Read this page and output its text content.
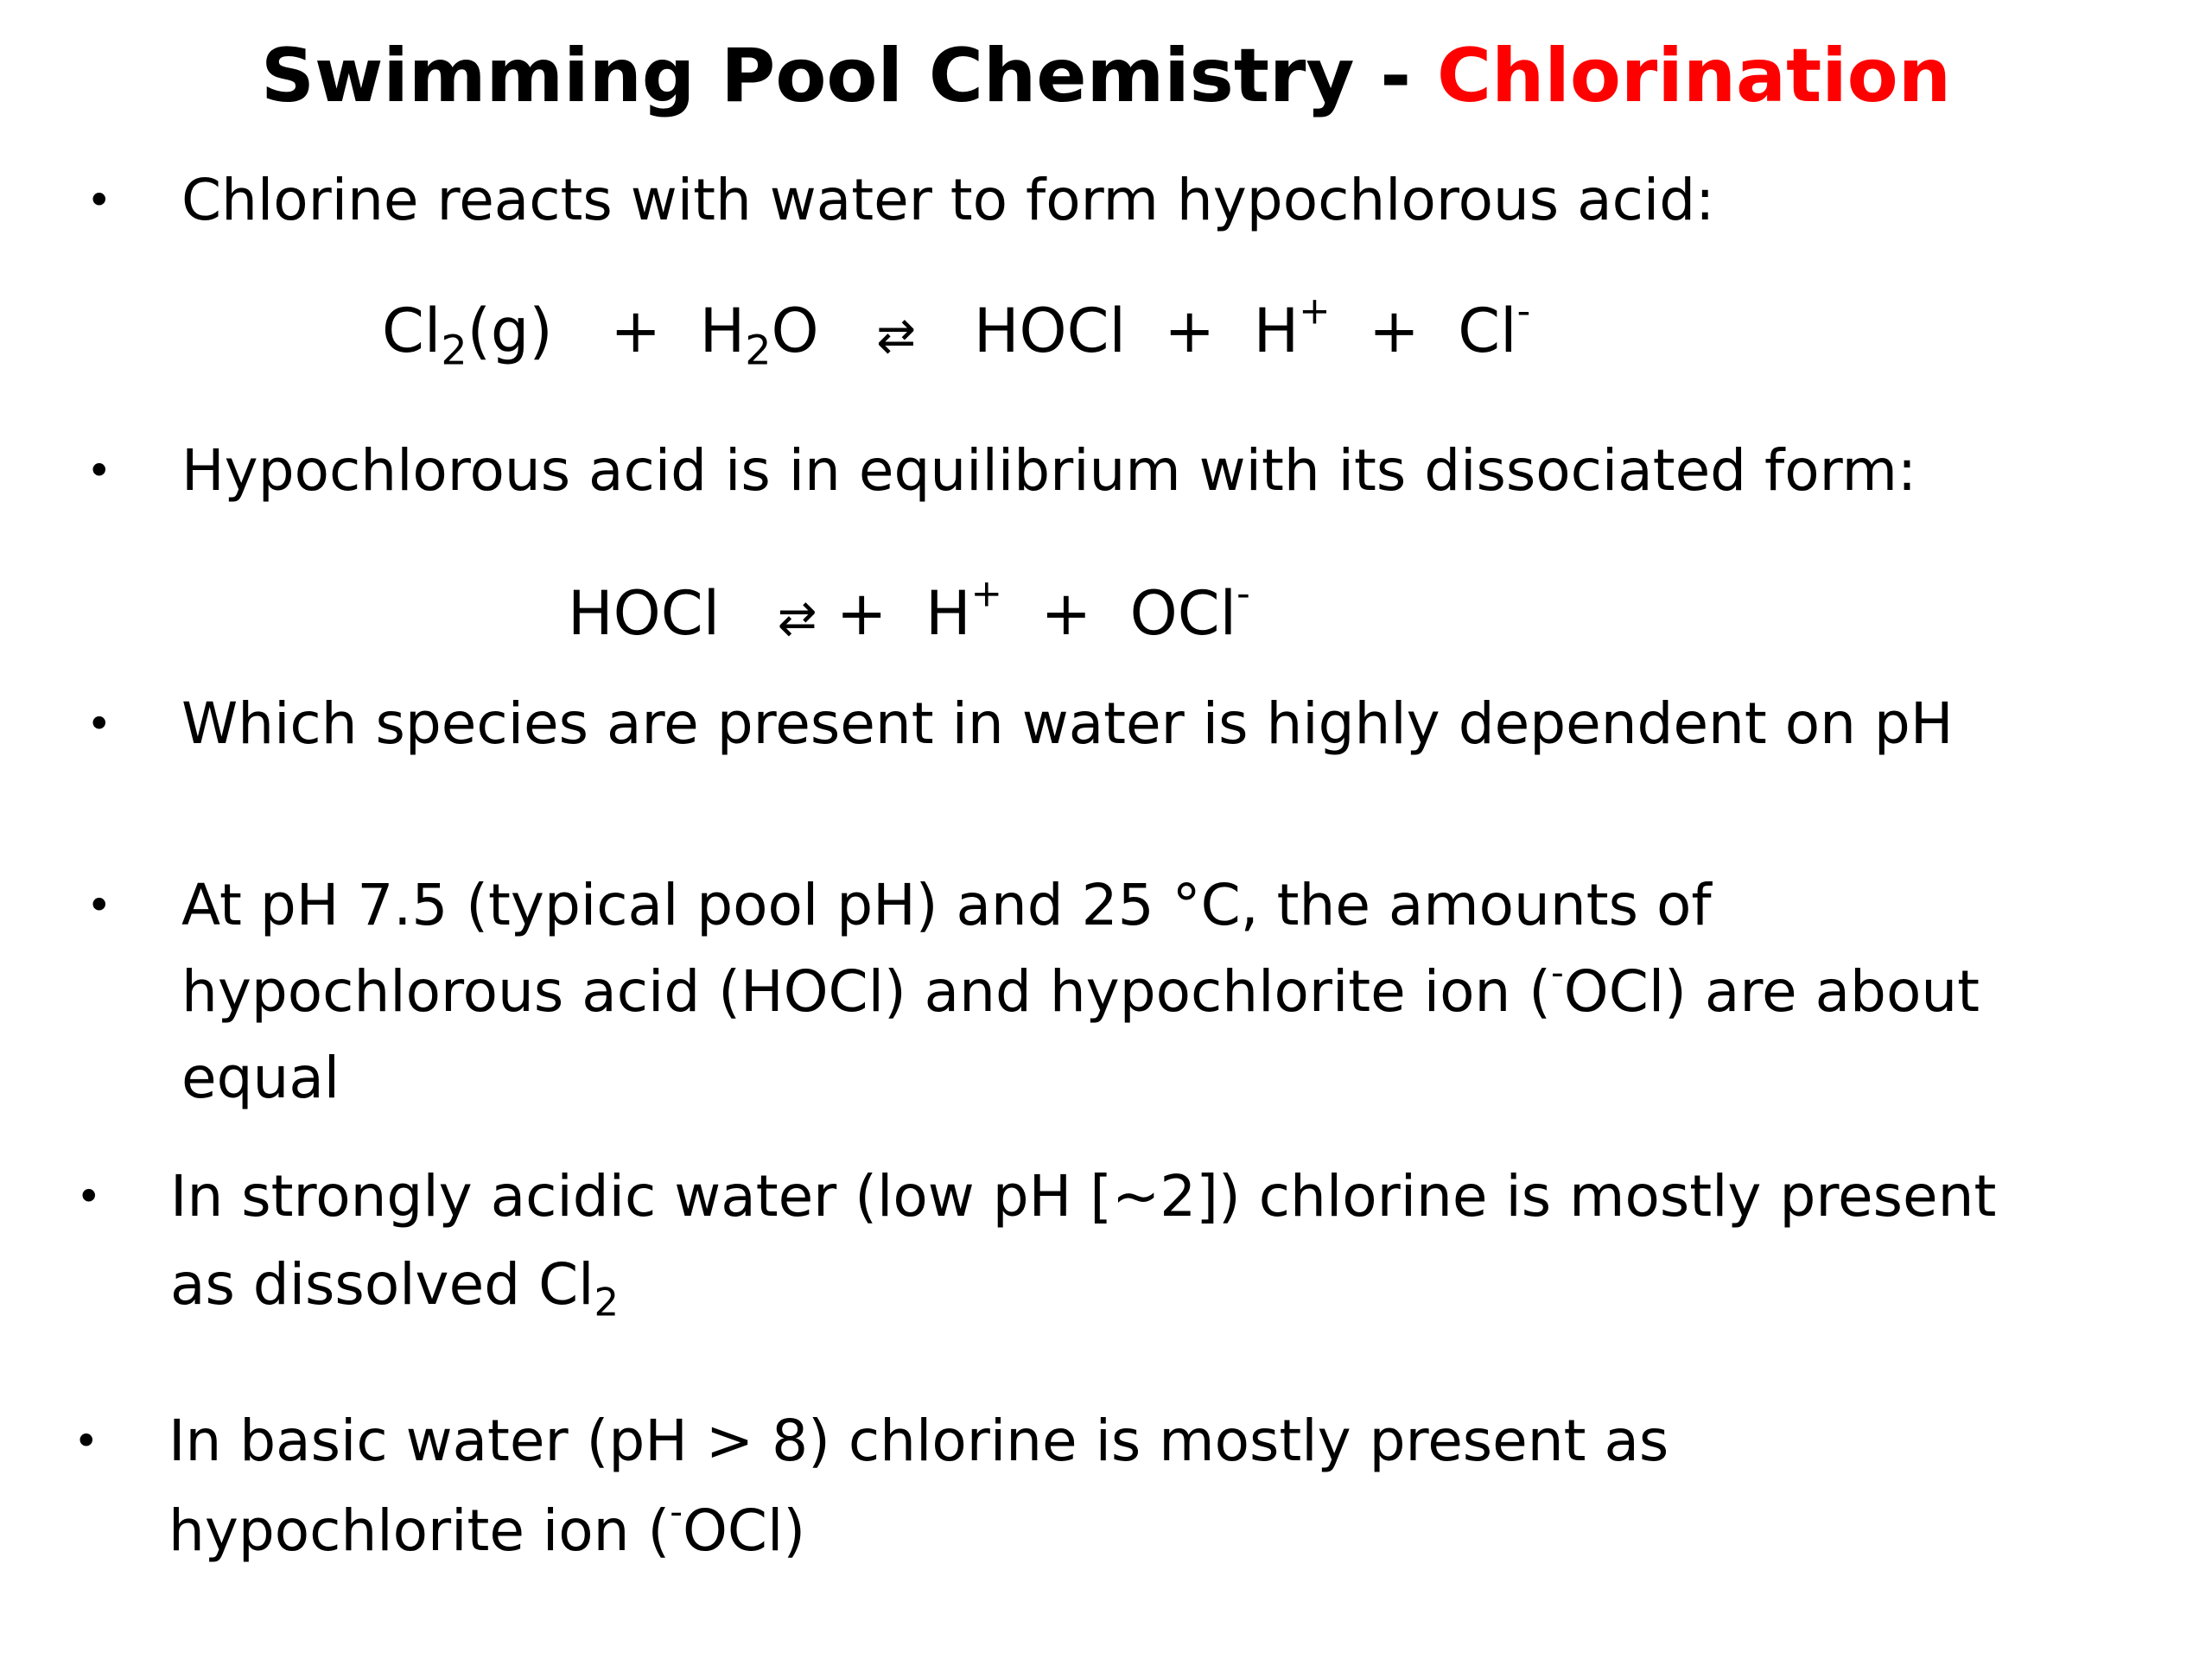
Swimming Pool Chemistry - Chlorination
• Chlorine reacts with water to form hypochlorous acid:
$Cl_2(g) + H_2O$   ⇄   HOCl  +  H+  +  Cl-
• Hypochlorous acid is in equilibrium with its dissociated form:
HOCl   ⇄ +  H+  +  OCl-
• Which species are present in water is highly dependent on pH
• At pH 7.5 (typical pool pH) and 25 °C, the amounts of
hypochlorous acid (HOCl) and hypochlorite ion (-OCl) are about
equal
• In strongly acidic water (low pH [~2]) chlorine is mostly present
as dissolved $Cl_2$
• In basic water (pH > 8) chlorine is mostly present as
hypochlorite ion (-OCl)
